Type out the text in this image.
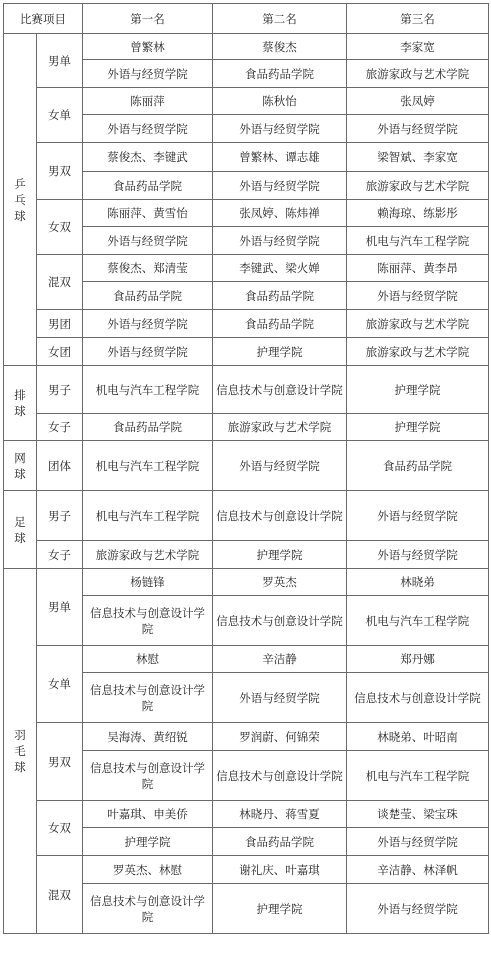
比赛项目		第一名	第二名	第三名
乒乓球	男单	曾繁林	蔡俊杰	李家宽
		外语与经贸学院	食品药品学院	旅游家政与艺术学院
	女单	陈丽萍	陈秋怡	张凤婷
		外语与经贸学院	外语与经贸学院	外语与经贸学院
	男双	蔡俊杰、李键武	曾繁林、谭志雄	梁智斌、李家宽
		食品药品学院	外语与经贸学院	旅游家政与艺术学院
	女双	陈丽萍、黄雪怡	张凤婷、陈炜禅	赖海琼、练影彤
		外语与经贸学院	外语与经贸学院	机电与汽车工程学院
	混双	蔡俊杰、郑清莹	李键武、梁火婵	陈丽萍、黄李昂
		食品药品学院	食品药品学院	外语与经贸学院
	男团	外语与经贸学院	食品药品学院	旅游家政与艺术学院
	女团	外语与经贸学院	护理学院	旅游家政与艺术学院
排球	男子	机电与汽车工程学院	信息技术与创意设计学院	护理学院
	女子	食品药品学院	旅游家政与艺术学院	护理学院
网球	团体	机电与汽车工程学院	外语与经贸学院	食品药品学院
足球	男子	机电与汽车工程学院	信息技术与创意设计学院	外语与经贸学院
	女子	旅游家政与艺术学院	护理学院	外语与经贸学院
羽毛球	男单	杨链锋	罗英杰	林晓弟
		信息技术与创意设计学院	信息技术与创意设计学院	机电与汽车工程学院
	女单	林慰	辛洁静	郑丹娜
		信息技术与创意设计学院	外语与经贸学院	信息技术与创意设计学院
	男双	吴海涛、黄绍锐	罗润蔚、何锦荣	林晓弟、叶昭南
		信息技术与创意设计学院	信息技术与创意设计学院	机电与汽车工程学院
	女双	叶嘉琪、申美侨	林晓丹、蒋雪夏	谈楚莹、梁宝珠
		护理学院	食品药品学院	外语与经贸学院
	混双	罗英杰、林慰	谢礼庆、叶嘉琪	辛洁静、林泽帆
		信息技术与创意设计学院	护理学院	外语与经贸学院
